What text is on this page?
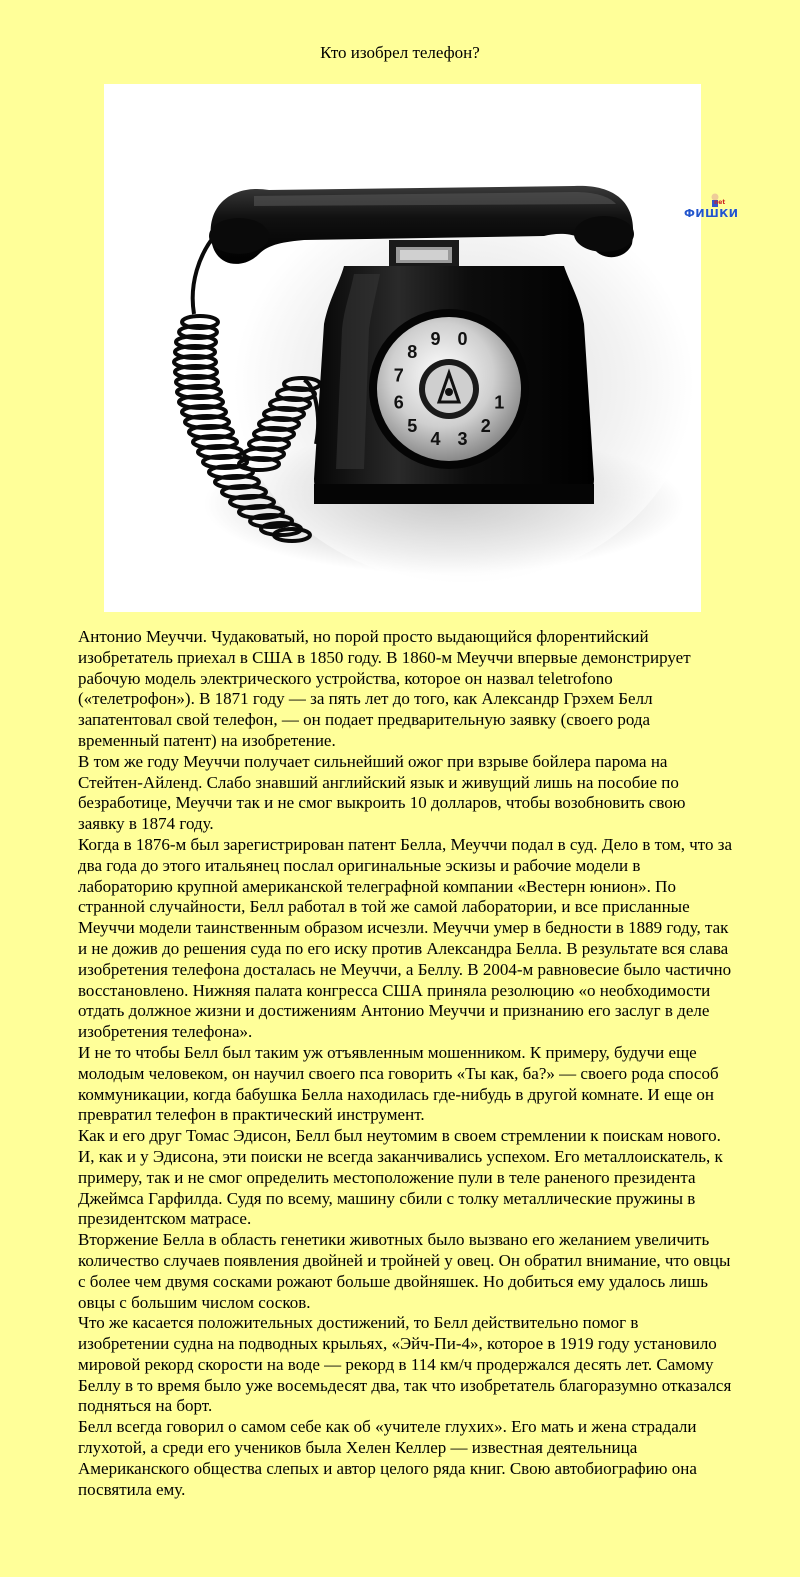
Кто изобрел телефон?
1
2
3
4
5
6
7
8
9 0
net
ФИШКИ

Антонио Меуччи. Чудаковатый, но порой просто выдающийся флорентийский изобретатель приехал в США в 1850 году. В 1860-м Меуччи впервые демонстрирует рабочую модель электрического устройства, которое он назвал teletrofono («телетрофон»). В 1871 году — за пять лет до того, как Александр Грэхем Белл запатентовал свой телефон, — он подает предварительную заявку (своего рода временный патент) на изобретение.

В том же году Меуччи получает сильнейший ожог при взрыве бойлера парома на Стейтен-Айленд. Слабо знавший английский язык и живущий лишь на пособие по безработице, Меуччи так и не смог выкроить 10 долларов, чтобы возобновить свою заявку в 1874 году.

Когда в 1876-м был зарегистрирован патент Белла, Меуччи подал в суд. Дело в том, что за два года до этого итальянец послал оригинальные эскизы и рабочие модели в лабораторию крупной американской телеграфной компании «Вестерн юнион». По странной случайности, Белл работал в той же самой лаборатории, и все присланные Меуччи модели таинственным образом исчезли. Меуччи умер в бедности в 1889 году, так и не дожив до решения суда по его иску против Александра Белла. В результате вся слава изобретения телефона досталась не Меуччи, а Беллу. В 2004-м равновесие было частично восстановлено. Нижняя палата конгресса США приняла резолюцию «о необходимости отдать должное жизни и достижениям Антонио Меуччи и признанию его заслуг в деле изобретения телефона».

И не то чтобы Белл был таким уж отъявленным мошенником. К примеру, будучи еще молодым человеком, он научил своего пса говорить «Ты как, ба?» — своего рода способ коммуникации, когда бабушка Белла находилась где-нибудь в другой комнате. И еще он превратил телефон в практический инструмент.

Как и его друг Томас Эдисон, Белл был неутомим в своем стремлении к поискам нового. И, как и у Эдисона, эти поиски не всегда заканчивались успехом. Его металлоискатель, к примеру, так и не смог определить местоположение пули в теле раненого президента Джеймса Гарфилда. Судя по всему, машину сбили с толку металлические пружины в президентском матрасе.

Вторжение Белла в область генетики животных было вызвано его желанием увеличить количество случаев появления двойней и тройней у овец. Он обратил внимание, что овцы с более чем двумя сосками рожают больше двойняшек. Но добиться ему удалось лишь овцы с большим числом сосков.

Что же касается положительных достижений, то Белл действительно помог в изобретении судна на подводных крыльях, «Эйч-Пи-4», которое в 1919 году установило мировой рекорд скорости на воде — рекорд в 114 км/ч продержался десять лет. Самому Беллу в то время было уже восемьдесят два, так что изобретатель благоразумно отказался подняться на борт.

Белл всегда говорил о самом себе как об «учителе глухих». Его мать и жена страдали глухотой, а среди его учеников была Хелен Келлер — известная деятельница Американского общества слепых и автор целого ряда книг. Свою автобиографию она посвятила ему.
